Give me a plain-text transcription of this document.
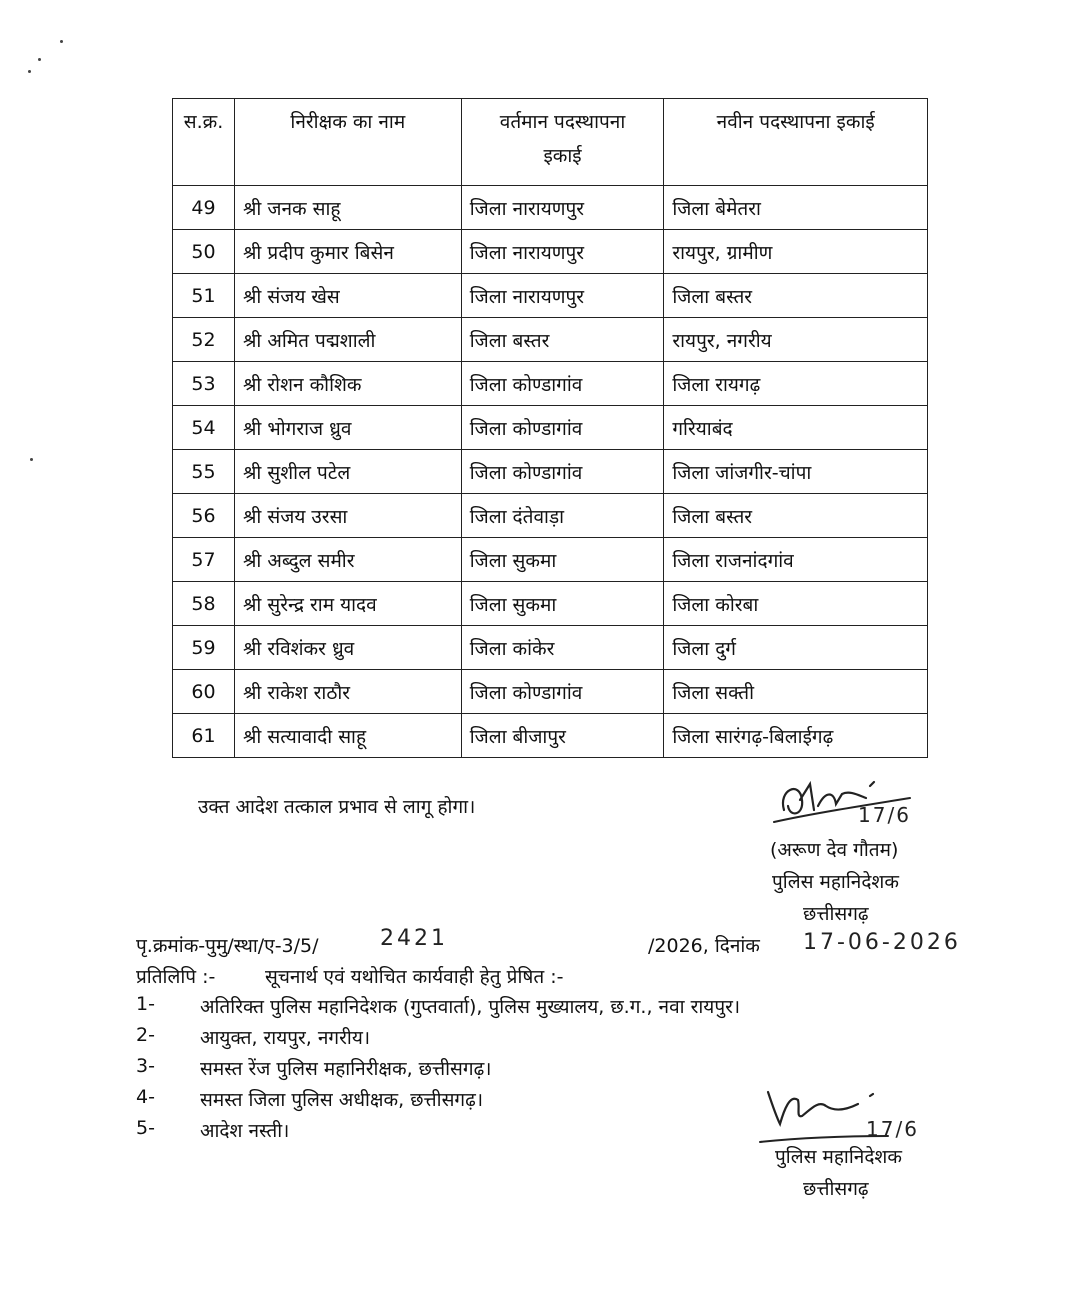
स.क्र.	निरीक्षक का नाम	वर्तमान पदस्थापना इकाई	नवीन पदस्थापना इकाई
49	श्री जनक साहू	जिला नारायणपुर	जिला बेमेतरा
50	श्री प्रदीप कुमार बिसेन	जिला नारायणपुर	रायपुर, ग्रामीण
51	श्री संजय खेस	जिला नारायणपुर	जिला बस्तर
52	श्री अमित पद्मशाली	जिला बस्तर	रायपुर, नगरीय
53	श्री रोशन कौशिक	जिला कोण्डागांव	जिला रायगढ़
54	श्री भोगराज ध्रुव	जिला कोण्डागांव	गरियाबंद
55	श्री सुशील पटेल	जिला कोण्डागांव	जिला जांजगीर-चांपा
56	श्री संजय उरसा	जिला दंतेवाड़ा	जिला बस्तर
57	श्री अब्दुल समीर	जिला सुकमा	जिला राजनांदगांव
58	श्री सुरेन्द्र राम यादव	जिला सुकमा	जिला कोरबा
59	श्री रविशंकर ध्रुव	जिला कांकेर	जिला दुर्ग
60	श्री राकेश राठौर	जिला कोण्डागांव	जिला सक्ती
61	श्री सत्यावादी साहू	जिला बीजापुर	जिला सारंगढ़-बिलाईगढ़
उक्त आदेश तत्काल प्रभाव से लागू होगा।	17/6
(अरूण देव गौतम)
पुलिस महानिदेशक
छत्तीसगढ़
पृ.क्रमांक-पुमु/स्था/ए-3/5/	2421	/2026, दिनांक 17-06-2026
प्रतिलिपि :-	सूचनार्थ एवं यथोचित कार्यवाही हेतु प्रेषित :-
1- अतिरिक्त पुलिस महानिदेशक (गुप्तवार्ता), पुलिस मुख्यालय, छ.ग., नवा रायपुर।
2- आयुक्त, रायपुर, नगरीय।
3- समस्त रेंज पुलिस महानिरीक्षक, छत्तीसगढ़।
4- समस्त जिला पुलिस अधीक्षक, छत्तीसगढ़।
5- आदेश नस्ती।	17/6
पुलिस महानिदेशक
छत्तीसगढ़
